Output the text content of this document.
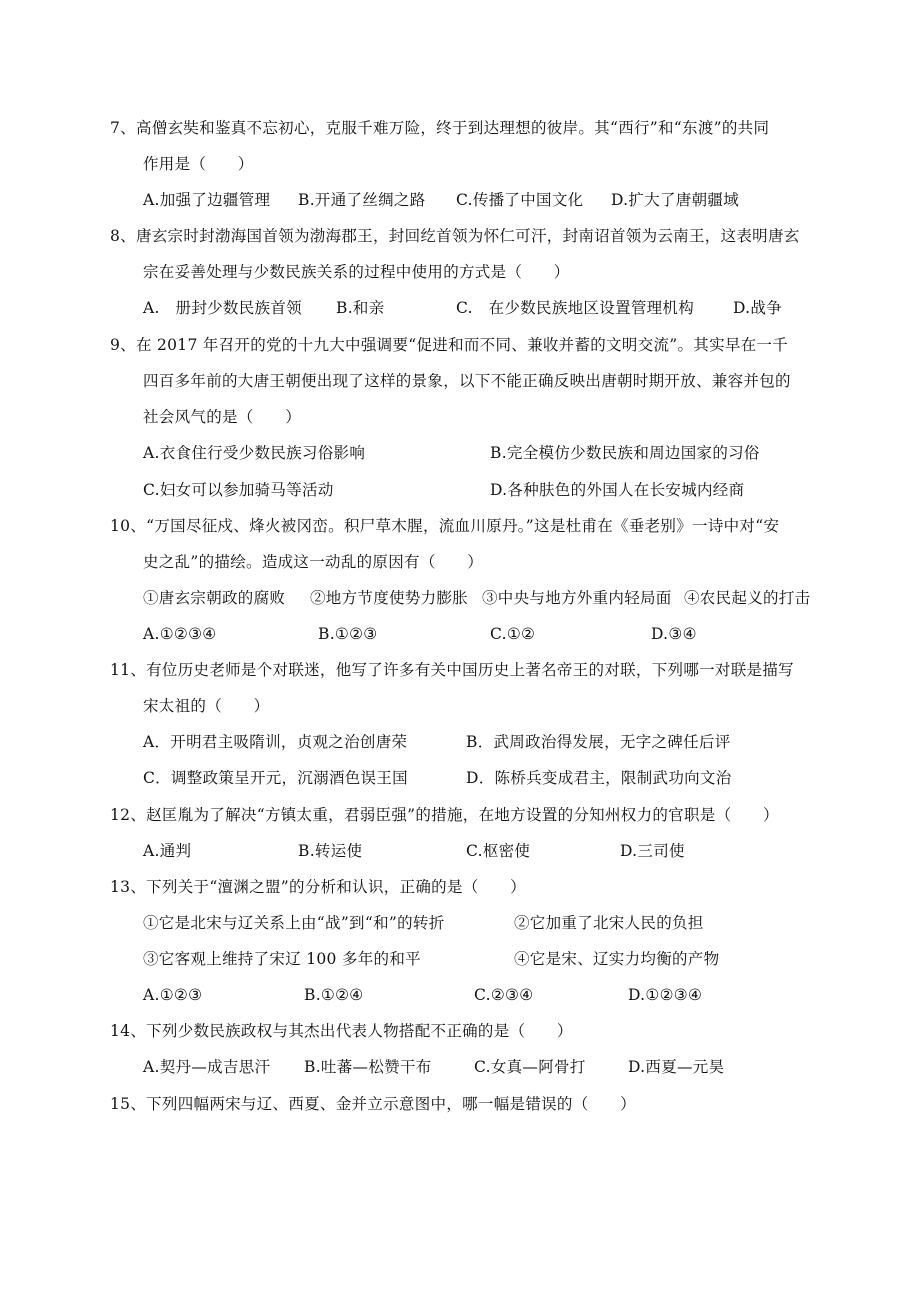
7、高僧玄奘和鉴真不忘初心，克服千难万险，终于到达理想的彼岸。其“西行”和“东渡”的共同
作用是（　　）
A.加强了边疆管理 B.开通了丝绸之路 C.传播了中国文化 D.扩大了唐朝疆域
8、唐玄宗时封渤海国首领为渤海郡王，封回纥首领为怀仁可汗，封南诏首领为云南王，这表明唐玄
宗在妥善处理与少数民族关系的过程中使用的方式是（　　）
A.　册封少数民族首领 B.和亲	C.　在少数民族地区设置管理机构	D.战争
9、在 2017 年召开的党的十九大中强调要“促进和而不同、兼收并蓄的文明交流”。其实早在一千
四百多年前的大唐王朝便出现了这样的景象，以下不能正确反映出唐朝时期开放、兼容并包的
社会风气的是（　　）
A.衣食住行受少数民族习俗影响	B.完全模仿少数民族和周边国家的习俗
C.妇女可以参加骑马等活动	D.各种肤色的外国人在长安城内经商
10、“万国尽征戍、烽火被冈峦。积尸草木腥，流血川原丹。”这是杜甫在《垂老别》一诗中对“安
史之乱”的描绘。造成这一动乱的原因有（　　）
①唐玄宗朝政的腐败 ②地方节度使势力膨胀 ③中央与地方外重内轻局面 ④农民起义的打击
A.①②③④	B.①②③	C.①②	D.③④
11、有位历史老师是个对联迷，他写了许多有关中国历史上著名帝王的对联，下列哪一对联是描写
宋太祖的（　　）
A．开明君主吸隋训，贞观之治创唐荣	B．武周政治得发展，无字之碑任后评
C．调整政策呈开元，沉溺酒色误王国	D．陈桥兵变成君主，限制武功向文治
12、赵匡胤为了解决“方镇太重，君弱臣强”的措施，在地方设置的分知州权力的官职是（　　）
A.通判	B.转运使	C.枢密使	D.三司使
13、下列关于“澶渊之盟”的分析和认识，正确的是（　　）
①它是北宋与辽关系上由“战”到“和”的转折	②它加重了北宋人民的负担
③它客观上维持了宋辽 100 多年的和平	④它是宋、辽实力均衡的产物
A.①②③	B.①②④	C.②③④	D.①②③④
14、下列少数民族政权与其杰出代表人物搭配不正确的是（　　）
A.契丹—成吉思汗 B.吐蕃—松赞干布	C.女真—阿骨打	D.西夏—元昊
15、下列四幅两宋与辽、西夏、金并立示意图中，哪一幅是错误的（　　）
